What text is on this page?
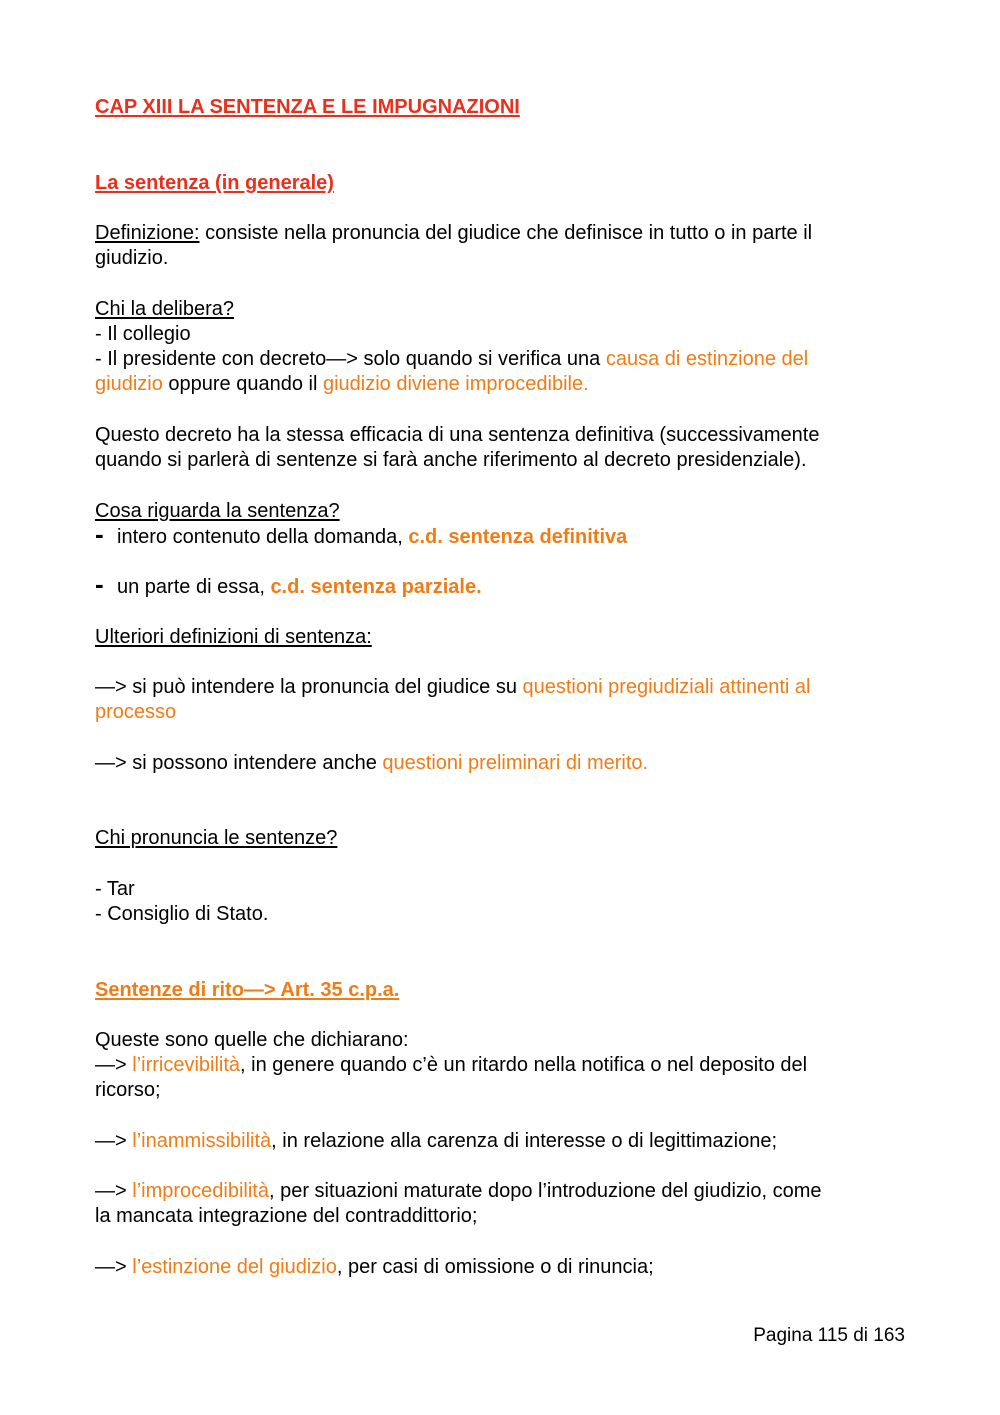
CAP XIII LA SENTENZA E LE IMPUGNAZIONI
La sentenza (in generale)
Definizione: consiste nella pronuncia del giudice che definisce in tutto o in parte il
giudizio.
Chi la delibera?
- Il collegio
- Il presidente con decreto—> solo quando si verifica una causa di estinzione del
giudizio oppure quando il giudizio diviene improcedibile.
Questo decreto ha la stessa efficacia di una sentenza definitiva (successivamente
quando si parlerà di sentenze si farà anche riferimento al decreto presidenziale).
Cosa riguarda la sentenza?
- intero contenuto della domanda, c.d. sentenza definitiva
- un parte di essa, c.d. sentenza parziale.
Ulteriori definizioni di sentenza:
—> si può intendere la pronuncia del giudice su questioni pregiudiziali attinenti al
processo
—> si possono intendere anche questioni preliminari di merito.
Chi pronuncia le sentenze?
- Tar
- Consiglio di Stato.
Sentenze di rito—> Art. 35 c.p.a.
Queste sono quelle che dichiarano:
—> l’irricevibilità, in genere quando c’è un ritardo nella notifica o nel deposito del
ricorso;
—> l’inammissibilità, in relazione alla carenza di interesse o di legittimazione;
—> l’improcedibilità, per situazioni maturate dopo l’introduzione del giudizio, come
la mancata integrazione del contraddittorio;
—> l’estinzione del giudizio, per casi di omissione o di rinuncia;
Pagina 115 di 163
